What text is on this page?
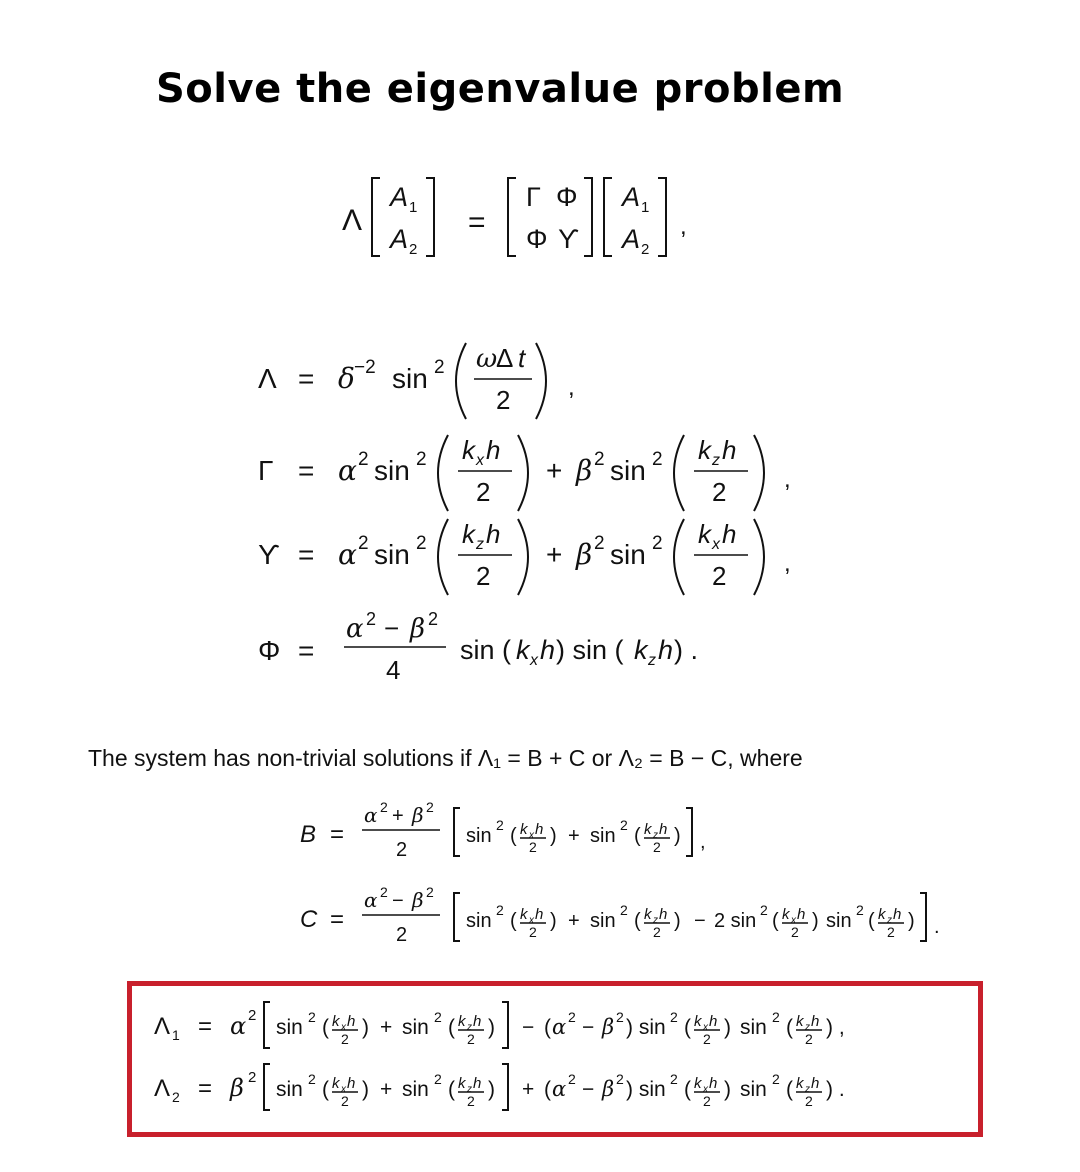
Solve the eigenvalue problem
Λ
A 1
A 2
=
Γ Φ
Φ ϒ
A 1
A 2
,
Λ = δ −2 sin 2 ω
Δ t
2 ,
Γ = α 2 sin 2 k x h
2
+ β 2 sin 2 k z h
2 ,
ϒ = α 2 sin 2 k z h
2
+ β 2 sin 2 k x h
2 ,
Φ =
α 2 − β 2
4
sin ( k x h ) sin ( k z h ) .
The system has non-trivial solutions if Λ₁ = B + C or Λ₂ = B − C, where
B =
α 2 + β 2
2
sin 2 ( k x h
2 ) + sin 2 ( k z h
2 ) ,
C =
α 2 − β 2
2
sin 2 ( k x h
2 ) + sin 2 ( k z h
2 ) − 2 sin 2 ( k x h
2 ) sin 2 ( k z h
2 ) .
Λ 1 = α 2
sin 2 ( k x h
2 ) + sin 2 ( k z h
2 ) − ( α 2 − β 2 ) sin 2 ( k x h
2 ) sin 2 ( k z h
2 ) ,
Λ 2 = β 2
sin 2 ( k x h
2 ) + sin 2 ( k z h
2 ) + ( α 2 − β 2 ) sin 2 ( k x h
2 ) sin 2 ( k z h
2 ) .
